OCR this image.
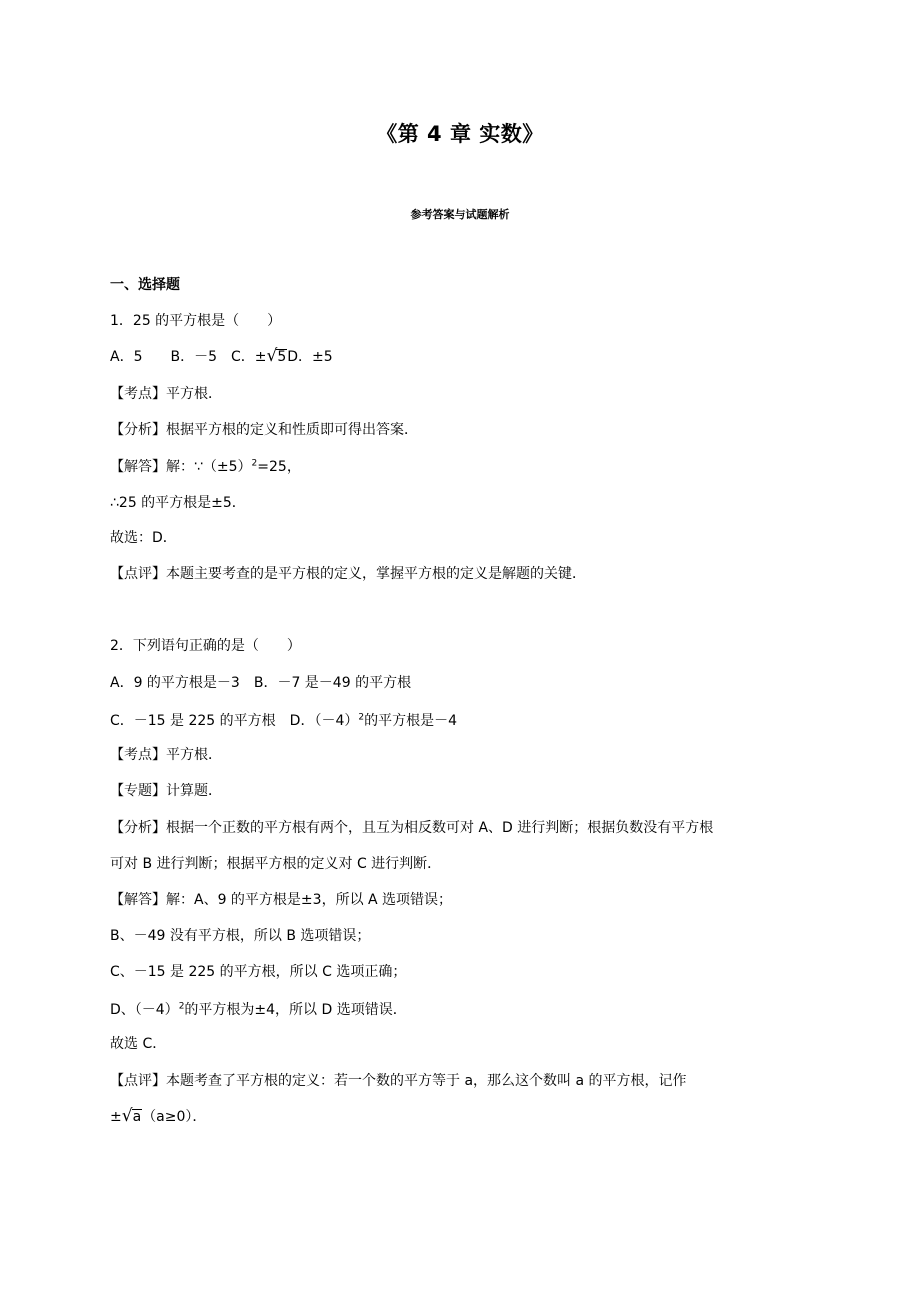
《第 4 章 实数》
参考答案与试题解析
一、选择题
1．25 的平方根是（　　）
A．5　　B．－5　C．±√5D．±5
【考点】平方根．
【分析】根据平方根的定义和性质即可得出答案．
【解答】解：$\because(\pm 5)^2=25$，
∴25 的平方根是±5．
故选：D．
【点评】本题主要考查的是平方根的定义，掌握平方根的定义是解题的关键．
2．下列语句正确的是（　　）
A．9 的平方根是－3　B．－7 是－49 的平方根
C．－15 是 225 的平方根　D．$(-4)^2$的平方根是－4
【考点】平方根．
【专题】计算题．
【分析】根据一个正数的平方根有两个，且互为相反数可对 A、D 进行判断；根据负数没有平方根
可对 B 进行判断；根据平方根的定义对 C 进行判断．
【解答】解：A、9 的平方根是±3，所以 A 选项错误；
B、－49 没有平方根，所以 B 选项错误；
C、－15 是 225 的平方根，所以 C 选项正确；
D、$(-4)^2$的平方根为±4，所以 D 选项错误．
故选 C．
【点评】本题考查了平方根的定义：若一个数的平方等于 a，那么这个数叫 a 的平方根，记作
±√a（a≥0）．
